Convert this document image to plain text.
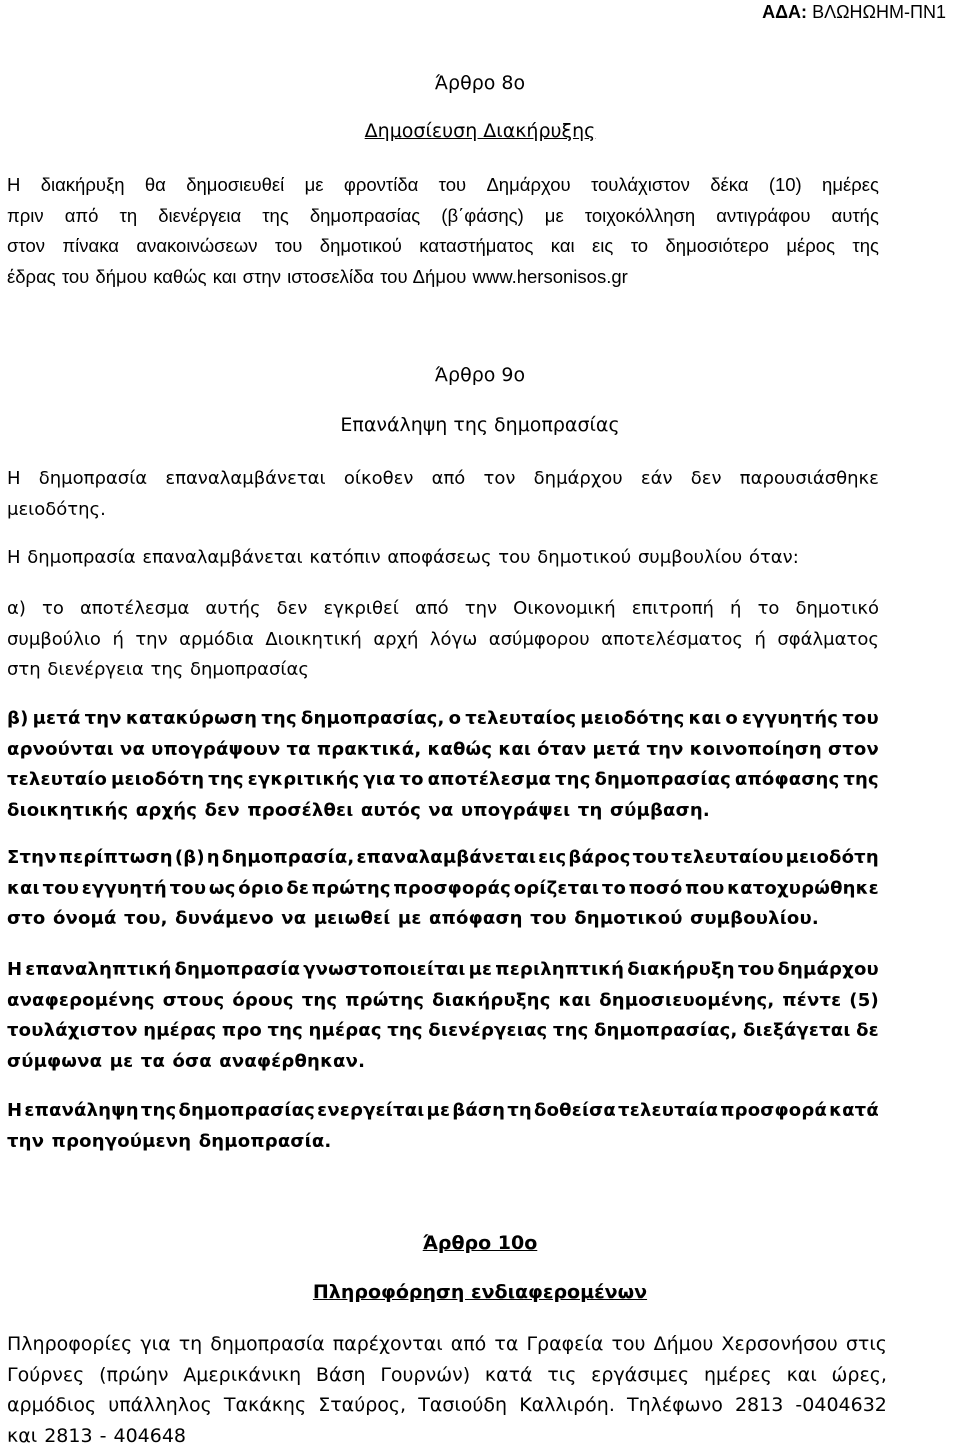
ΑΔΑ: ΒΛΩΗΩΗΜ-ΠΝ1
Άρθρο 8ο
Δημοσίευση Διακήρυξης
Η διακήρυξη θα δημοσιευθεί με φροντίδα του Δημάρχου τουλάχιστον δέκα (10) ημέρες
πριν από τη διενέργεια της δημοπρασίας (β΄φάσης) με τοιχοκόλληση αντιγράφου αυτής
στον πίνακα ανακοινώσεων του δημοτικού καταστήματος και εις το δημοσιότερο μέρος της
έδρας του δήμου καθώς και στην ιστοσελίδα του Δήμου www.hersonisos.gr
Άρθρο 9ο
Επανάληψη της δημοπρασίας
Η δημοπρασία επαναλαμβάνεται οίκοθεν από τον δημάρχου εάν δεν παρουσιάσθηκε
μειοδότης.
Η δημοπρασία επαναλαμβάνεται κατόπιν αποφάσεως του δημοτικού συμβουλίου όταν:
α) το αποτέλεσμα αυτής δεν εγκριθεί από την Οικονομική επιτροπή ή το δημοτικό
συμβούλιο ή την αρμόδια Διοικητική αρχή λόγω ασύμφορου αποτελέσματος ή σφάλματος
στη διενέργεια της δημοπρασίας
β) μετά την κατακύρωση της δημοπρασίας, ο τελευταίος μειοδότης και ο εγγυητής του
αρνούνται να υπογράψουν τα πρακτικά, καθώς και όταν μετά την κοινοποίηση στον
τελευταίο μειοδότη της εγκριτικής για το αποτέλεσμα της δημοπρασίας απόφασης της
διοικητικής αρχής δεν προσέλθει αυτός να υπογράψει τη σύμβαση.
Στην περίπτωση (β) η δημοπρασία, επαναλαμβάνεται εις βάρος του τελευταίου μειοδότη
και του εγγυητή του ως όριο δε πρώτης προσφοράς ορίζεται το ποσό που κατοχυρώθηκε
στο όνομά του, δυνάμενο να μειωθεί με απόφαση του δημοτικού συμβουλίου.
Η επαναληπτική δημοπρασία γνωστοποιείται με περιληπτική διακήρυξη του δημάρχου
αναφερομένης στους όρους της πρώτης διακήρυξης και δημοσιευομένης, πέντε (5)
τουλάχιστον ημέρας προ της ημέρας της διενέργειας της δημοπρασίας, διεξάγεται δε
σύμφωνα με τα όσα αναφέρθηκαν.
Η επανάληψη της δημοπρασίας ενεργείται με βάση τη δοθείσα τελευταία προσφορά κατά
την προηγούμενη δημοπρασία.
Άρθρο 10ο
Πληροφόρηση ενδιαφερομένων
Πληροφορίες για τη δημοπρασία παρέχονται από τα Γραφεία του Δήμου Χερσονήσου στις
Γούρνες (πρώην Αμερικάνικη Βάση Γουρνών) κατά τις εργάσιμες ημέρες και ώρες,
αρμόδιος υπάλληλος Τακάκης Σταύρος, Τασιούδη Καλλιρόη. Τηλέφωνο 2813 -0404632
και 2813 - 404648
